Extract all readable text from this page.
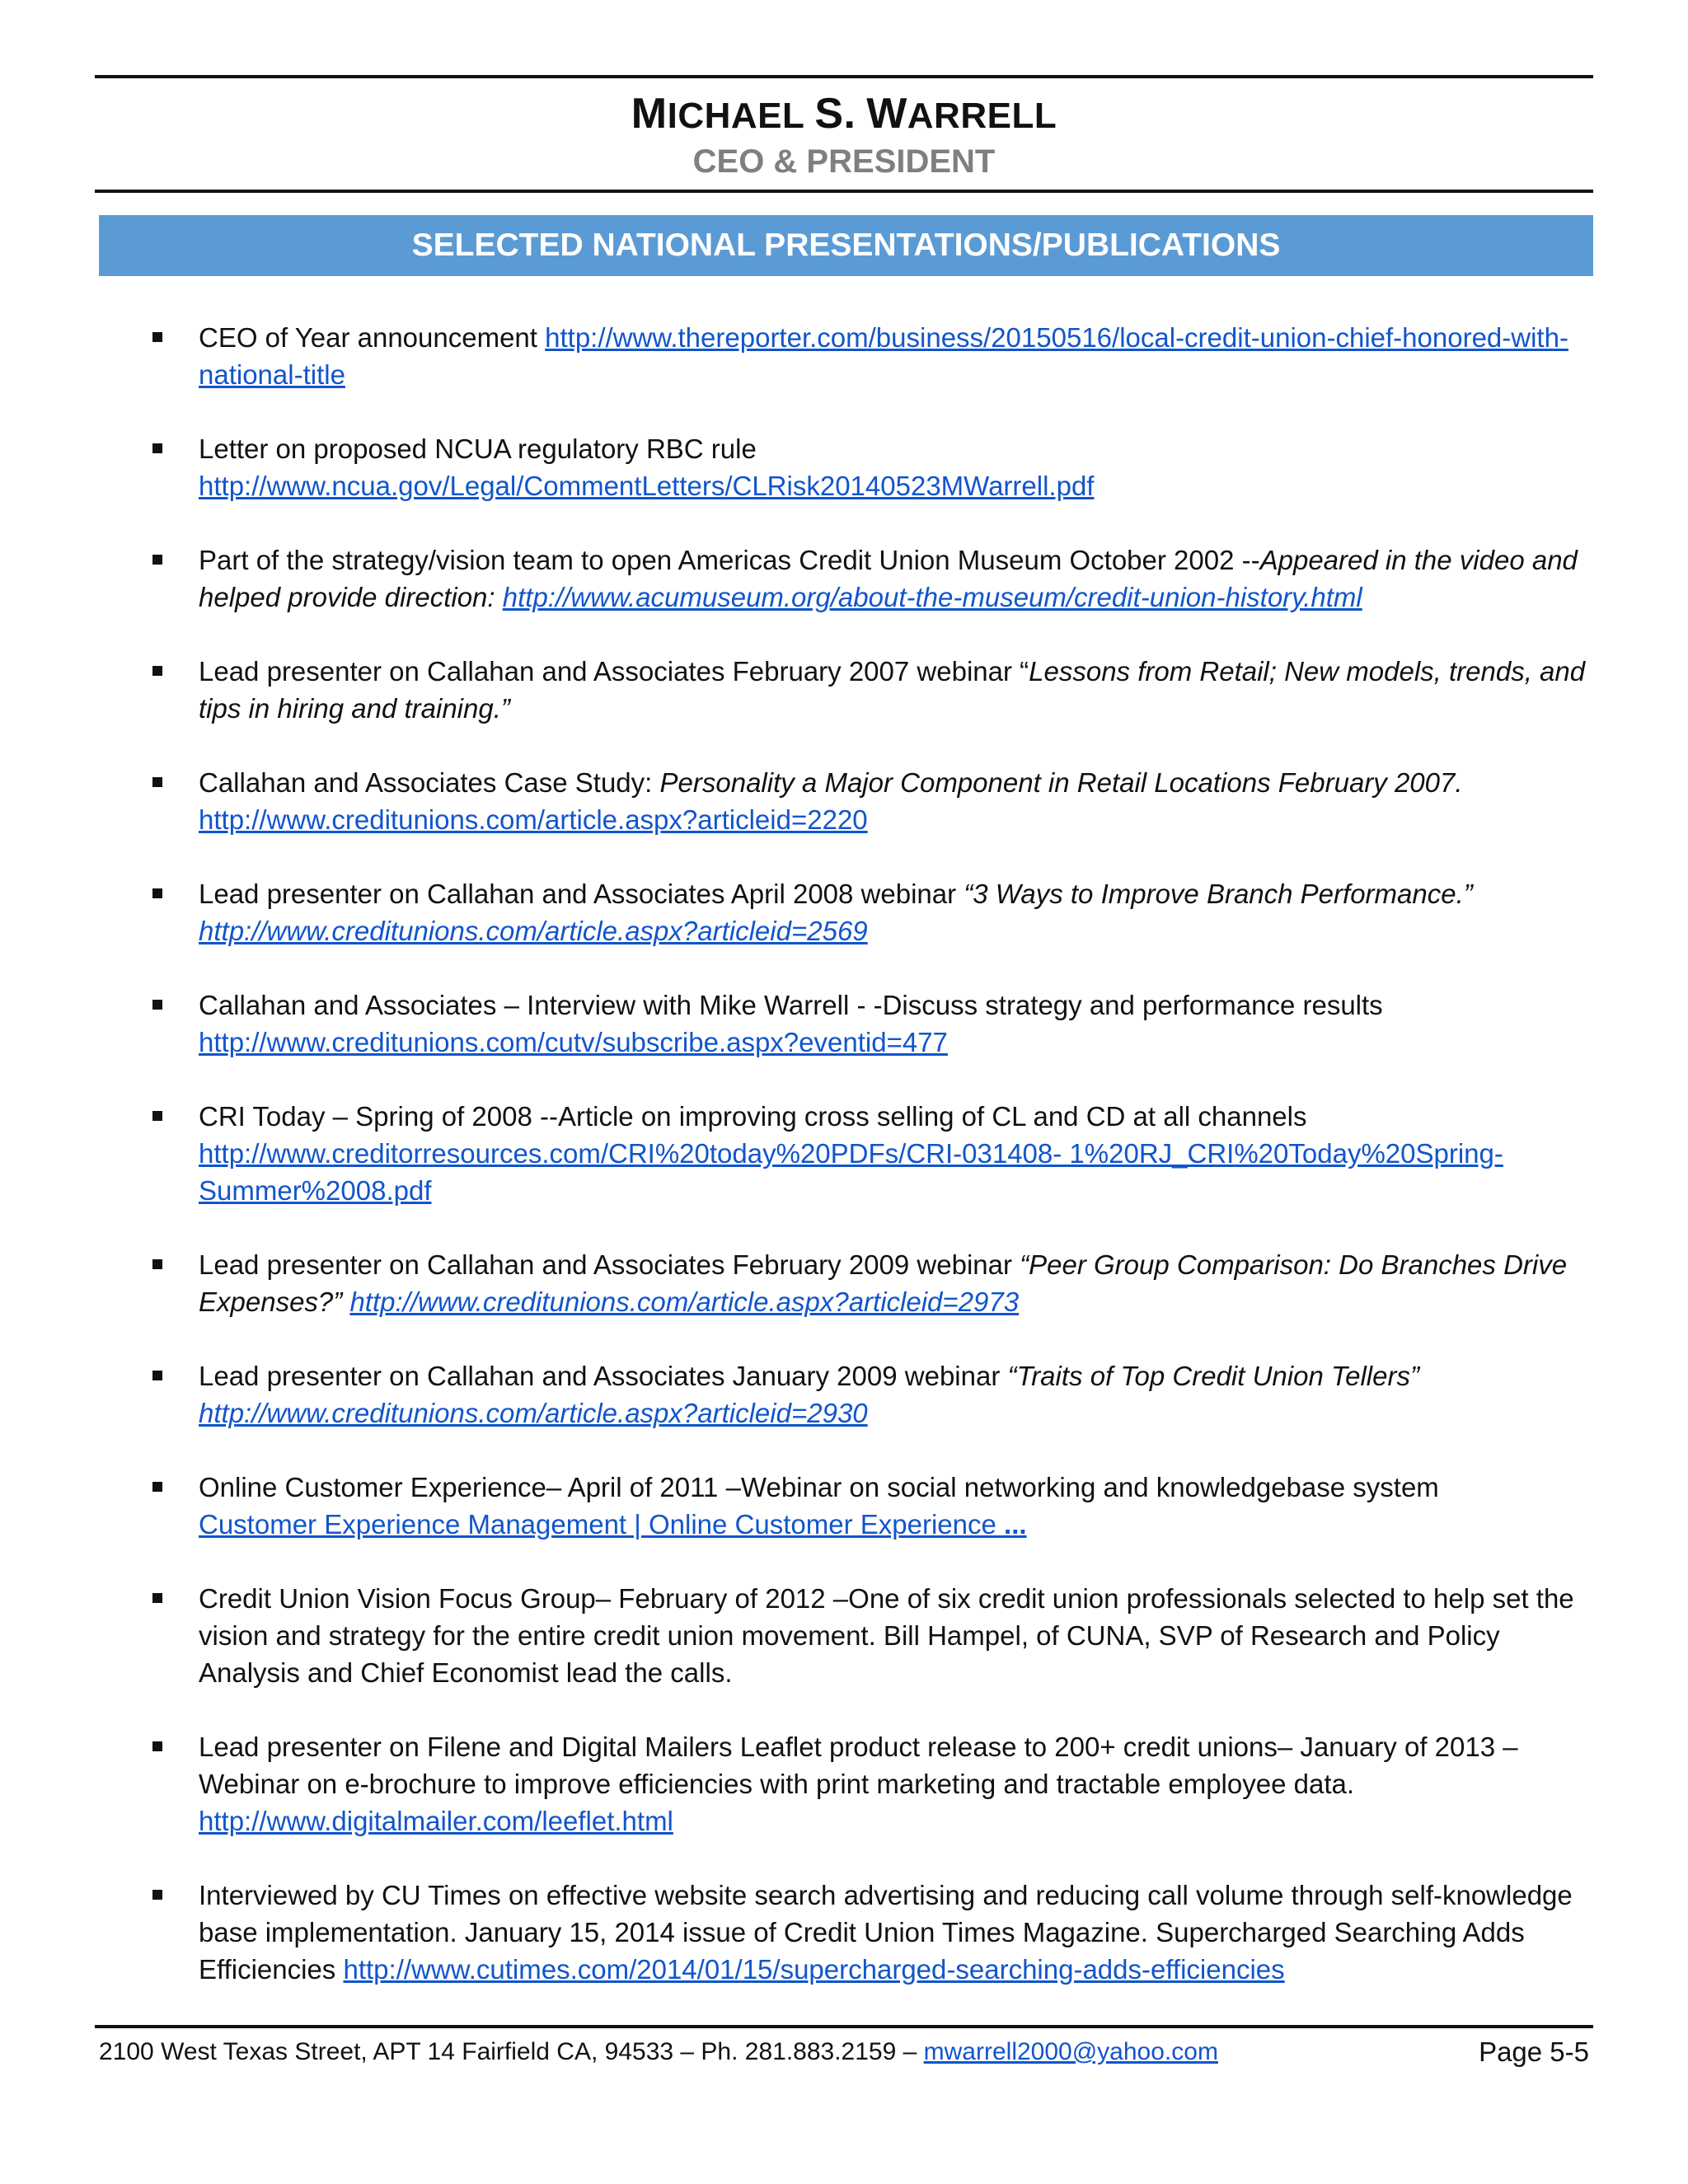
MICHAEL S. WARRELL
CEO & PRESIDENT
SELECTED NATIONAL PRESENTATIONS/PUBLICATIONS
CEO of Year announcement http://www.thereporter.com/business/20150516/local-credit-union-chief-honored-with-national-title
Letter on proposed NCUA regulatory RBC rule
http://www.ncua.gov/Legal/CommentLetters/CLRisk20140523MWarrell.pdf
Part of the strategy/vision team to open Americas Credit Union Museum October 2002 --Appeared in the video and helped provide direction: http://www.acumuseum.org/about-the-museum/credit-union-history.html
Lead presenter on Callahan and Associates February 2007 webinar “Lessons from Retail; New models, trends, and tips in hiring and training.”
Callahan and Associates Case Study: Personality a Major Component in Retail Locations February 2007.
http://www.creditunions.com/article.aspx?articleid=2220
Lead presenter on Callahan and Associates April 2008 webinar “3 Ways to Improve Branch Performance.”
http://www.creditunions.com/article.aspx?articleid=2569
Callahan and Associates – Interview with Mike Warrell - -Discuss strategy and performance results
http://www.creditunions.com/cutv/subscribe.aspx?eventid=477
CRI Today – Spring of 2008 --Article on improving cross selling of CL and CD at all channels
http://www.creditorresources.com/CRI%20today%20PDFs/CRI-031408- 1%20RJ_CRI%20Today%20Spring-Summer%2008.pdf
Lead presenter on Callahan and Associates February 2009 webinar “Peer Group Comparison: Do Branches Drive Expenses?” http://www.creditunions.com/article.aspx?articleid=2973
Lead presenter on Callahan and Associates January 2009 webinar “Traits of Top Credit Union Tellers”
http://www.creditunions.com/article.aspx?articleid=2930
Online Customer Experience– April of 2011 –Webinar on social networking and knowledgebase system
Customer Experience Management | Online Customer Experience ...
Credit Union Vision Focus Group– February of 2012 –One of six credit union professionals selected to help set the vision and strategy for the entire credit union movement. Bill Hampel, of CUNA, SVP of Research and Policy Analysis and Chief Economist lead the calls.
Lead presenter on Filene and Digital Mailers Leaflet product release to 200+ credit unions– January of 2013 – Webinar on e-brochure to improve efficiencies with print marketing and tractable employee data.
http://www.digitalmailer.com/leeflet.html
Interviewed by CU Times on effective website search advertising and reducing call volume through self-knowledge base implementation. January 15, 2014 issue of Credit Union Times Magazine. Supercharged Searching Adds Efficiencies http://www.cutimes.com/2014/01/15/supercharged-searching-adds-efficiencies
2100 West Texas Street, APT 14 Fairfield CA, 94533 – Ph. 281.883.2159 – mwarrell2000@yahoo.com	Page 5-5
